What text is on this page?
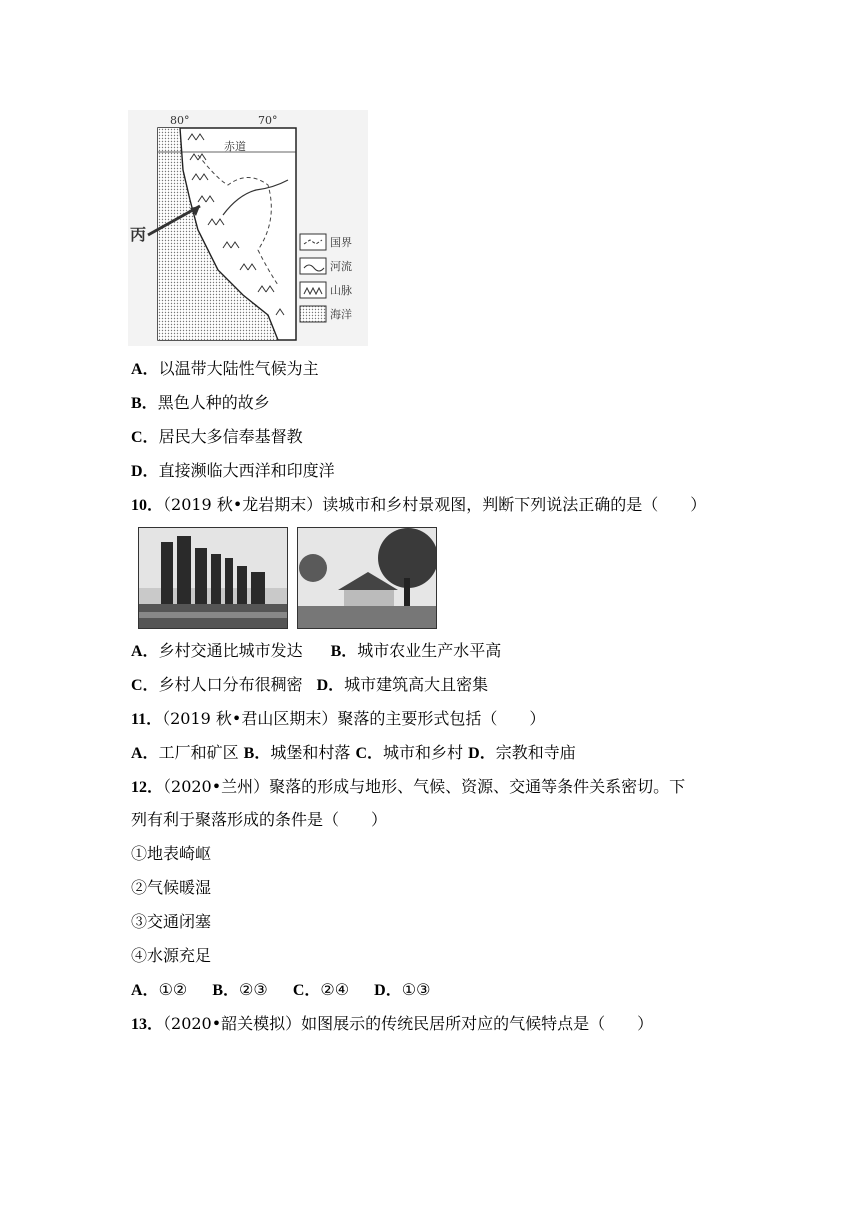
80°	70°
赤道
丙	国界
河流
山脉
海洋
A．以温带大陆性气候为主
B．黑色人种的故乡
C．居民大多信奉基督教
D．直接濒临大西洋和印度洋
10．（2019 秋•龙岩期末）读城市和乡村景观图，判断下列说法正确的是（　　）
A．乡村交通比城市发达 B．城市农业生产水平高
C．乡村人口分布很稠密 D．城市建筑高大且密集
11．（2019 秋•君山区期末）聚落的主要形式包括（　　）
A．工厂和矿区 B．城堡和村落 C．城市和乡村 D．宗教和寺庙
12．（2020•兰州）聚落的形成与地形、气候、资源、交通等条件关系密切。下
列有利于聚落形成的条件是（　　）
①地表崎岖
②气候暖湿
③交通闭塞
④水源充足
A．①② B．②③ C．②④ D．①③
13．（2020•韶关模拟）如图展示的传统民居所对应的气候特点是（　　）
